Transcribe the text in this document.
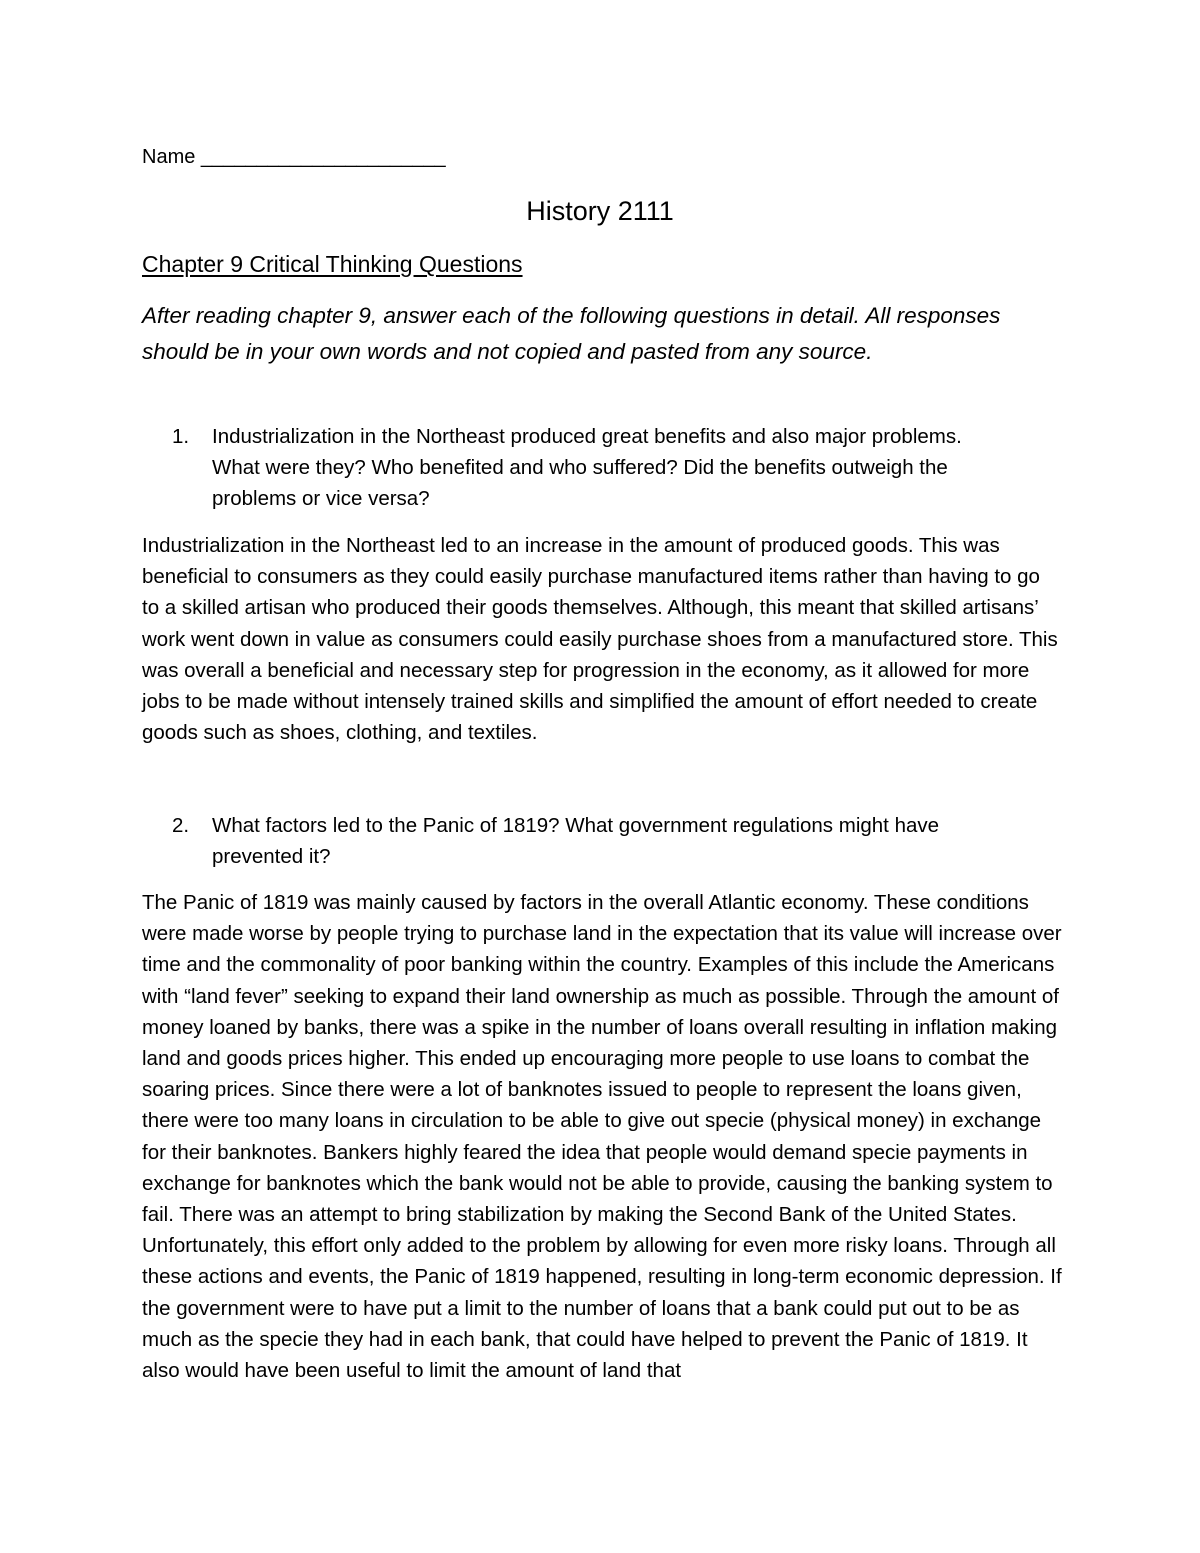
Name ______________________
History 2111
Chapter 9 Critical Thinking Questions
After reading chapter 9, answer each of the following questions in detail. All responses should be in your own words and not copied and pasted from any source.
1. Industrialization in the Northeast produced great benefits and also major problems. What were they? Who benefited and who suffered? Did the benefits outweigh the problems or vice versa?
Industrialization in the Northeast led to an increase in the amount of produced goods. This was beneficial to consumers as they could easily purchase manufactured items rather than having to go to a skilled artisan who produced their goods themselves. Although, this meant that skilled artisans’ work went down in value as consumers could easily purchase shoes from a manufactured store. This was overall a beneficial and necessary step for progression in the economy, as it allowed for more jobs to be made without intensely trained skills and simplified the amount of effort needed to create goods such as shoes, clothing, and textiles.
2. What factors led to the Panic of 1819? What government regulations might have prevented it?
The Panic of 1819 was mainly caused by factors in the overall Atlantic economy. These conditions were made worse by people trying to purchase land in the expectation that its value will increase over time and the commonality of poor banking within the country. Examples of this include the Americans with “land fever” seeking to expand their land ownership as much as possible. Through the amount of money loaned by banks, there was a spike in the number of loans overall resulting in inflation making land and goods prices higher. This ended up encouraging more people to use loans to combat the soaring prices. Since there were a lot of banknotes issued to people to represent the loans given, there were too many loans in circulation to be able to give out specie (physical money) in exchange for their banknotes. Bankers highly feared the idea that people would demand specie payments in exchange for banknotes which the bank would not be able to provide, causing the banking system to fail. There was an attempt to bring stabilization by making the Second Bank of the United States. Unfortunately, this effort only added to the problem by allowing for even more risky loans. Through all these actions and events, the Panic of 1819 happened, resulting in long-term economic depression. If the government were to have put a limit to the number of loans that a bank could put out to be as much as the specie they had in each bank, that could have helped to prevent the Panic of 1819. It also would have been useful to limit the amount of land that
